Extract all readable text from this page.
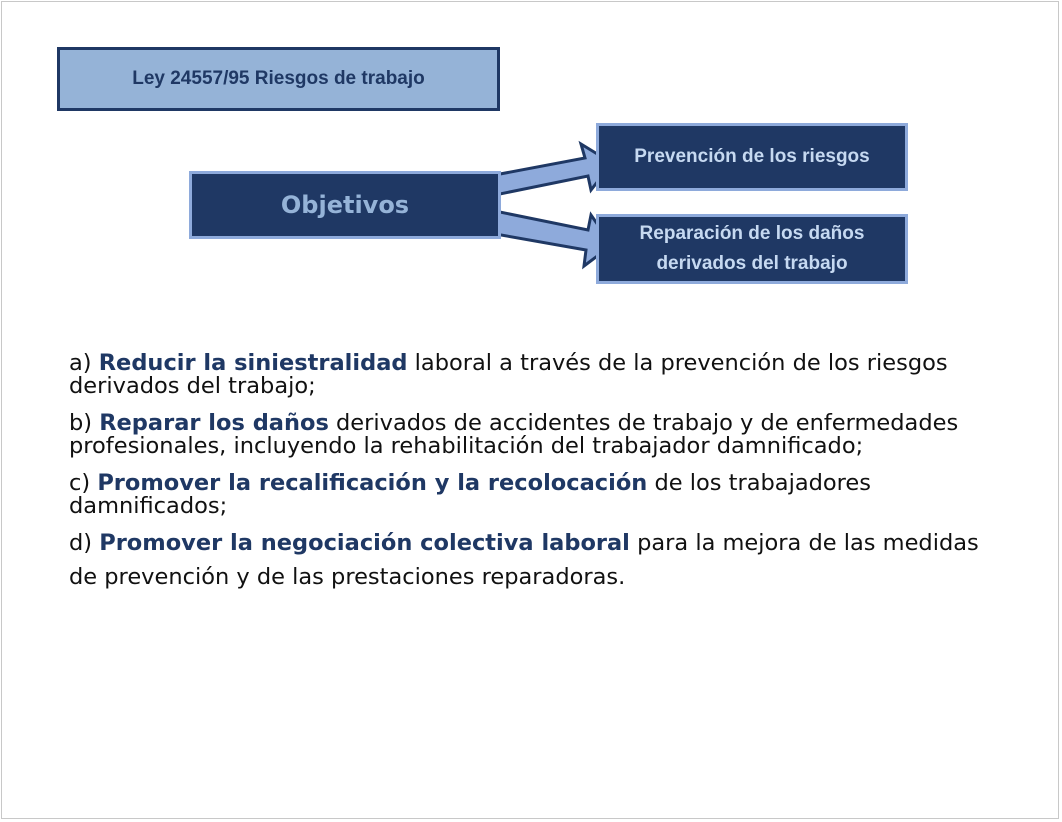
Ley 24557/95 Riesgos de trabajo
Objetivos
Prevención de los riesgos
Reparación de los daños
derivados del trabajo
a) Reducir la siniestralidad laboral a través de la prevención de los riesgos derivados del trabajo;
b) Reparar los daños derivados de accidentes de trabajo y de enfermedades profesionales, incluyendo la rehabilitación del trabajador damnificado;
c) Promover la recalificación y la recolocación de los trabajadores damnificados;
d) Promover la negociación colectiva laboral para la mejora de las medidas de prevención y de las prestaciones reparadoras.
